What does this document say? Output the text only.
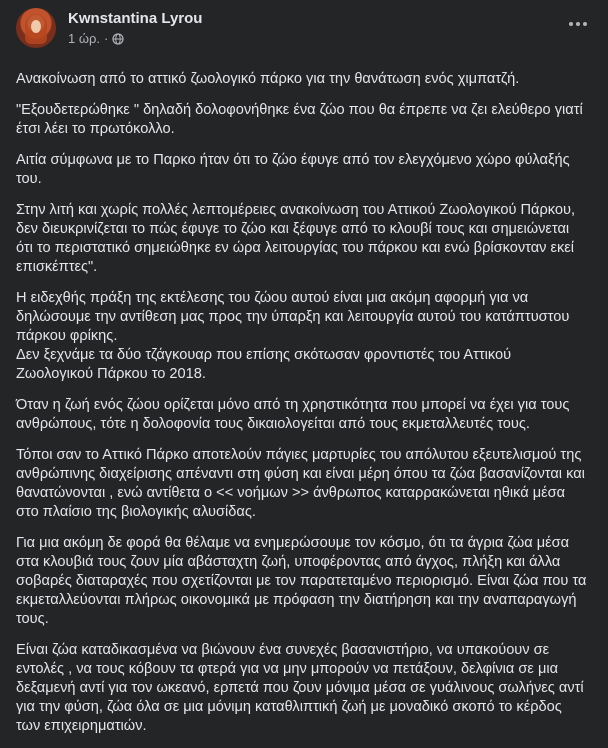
Kwnstantina Lyrou
1 ώρ. ·

Ανακοίνωση από το αττικό ζωολογικό πάρκο για την θανάτωση ενός χιμπατζή.

"Εξουδετερώθηκε " δηλαδή δολοφονήθηκε ένα ζώο που θα έπρεπε να ζει ελεύθερο γιατί έτσι λέει το πρωτόκολλο.

Αιτία σύμφωνα με το Παρκο ήταν ότι το ζώο έφυγε από τον ελεγχόμενο χώρο φύλαξής του.

Στην λιτή και χωρίς πολλές λεπτομέρειες ανακοίνωση του Αττικού Ζωολογικού Πάρκου, δεν διευκρινίζεται το πώς έφυγε το ζώο και ξέφυγε από το κλουβί τους και σημειώνεται ότι το περιστατικό σημειώθηκε εν ώρα λειτουργίας του πάρκου και ενώ βρίσκονταν εκεί επισκέπτες".

Η ειδεχθής πράξη της εκτέλεσης του ζώου αυτού είναι μια ακόμη αφορμή για να δηλώσουμε την αντίθεση μας προς την ύπαρξη και λειτουργία αυτού του κατάπτυστου πάρκου φρίκης.

Δεν ξεχνάμε τα δύο τζάγκουαρ που επίσης σκότωσαν φροντιστές του Αττικού Ζωολογικού Πάρκου το 2018.

Όταν η ζωή ενός ζώου ορίζεται μόνο από τη χρηστικότητα που μπορεί να έχει για τους ανθρώπους, τότε η δολοφονία τους δικαιολογείται από τους εκμεταλλευτές τους.

Τόποι σαν το Αττικό Πάρκο αποτελούν πάγιες μαρτυρίες του απόλυτου εξευτελισμού της ανθρώπινης διαχείρισης απέναντι στη φύση και είναι μέρη όπου τα ζώα βασανίζονται και θανατώνονται , ενώ αντίθετα ο << νοήμων >> άνθρωπος καταρρακώνεται ηθικά μέσα στο πλαίσιο της βιολογικής αλυσίδας.

Για μια ακόμη δε φορά θα θέλαμε να ενημερώσουμε τον κόσμο, ότι τα άγρια ζώα μέσα στα κλουβιά τους ζουν μία αβάσταχτη ζωή, υποφέροντας από άγχος, πλήξη και άλλα σοβαρές διαταραχές που σχετίζονται με τον παρατεταμένο περιορισμό. Είναι ζώα που τα εκμεταλλεύονται πλήρως οικονομικά με πρόφαση την διατήρηση και την αναπαραγωγή τους.

Είναι ζώα καταδικασμένα να βιώνουν ένα συνεχές βασανιστήριο, να υπακούουν σε εντολές , να τους κόβουν τα φτερά για να μην μπορούν να πετάξουν, δελφίνια σε μια δεξαμενή αντί για τον ωκεανό, ερπετά που ζουν μόνιμα μέσα σε γυάλινους σωλήνες αντί για την φύση, ζώα όλα σε μια μόνιμη καταθλιπτική ζωή με μοναδικό σκοπό το κέρδος των επιχειρηματιών.
